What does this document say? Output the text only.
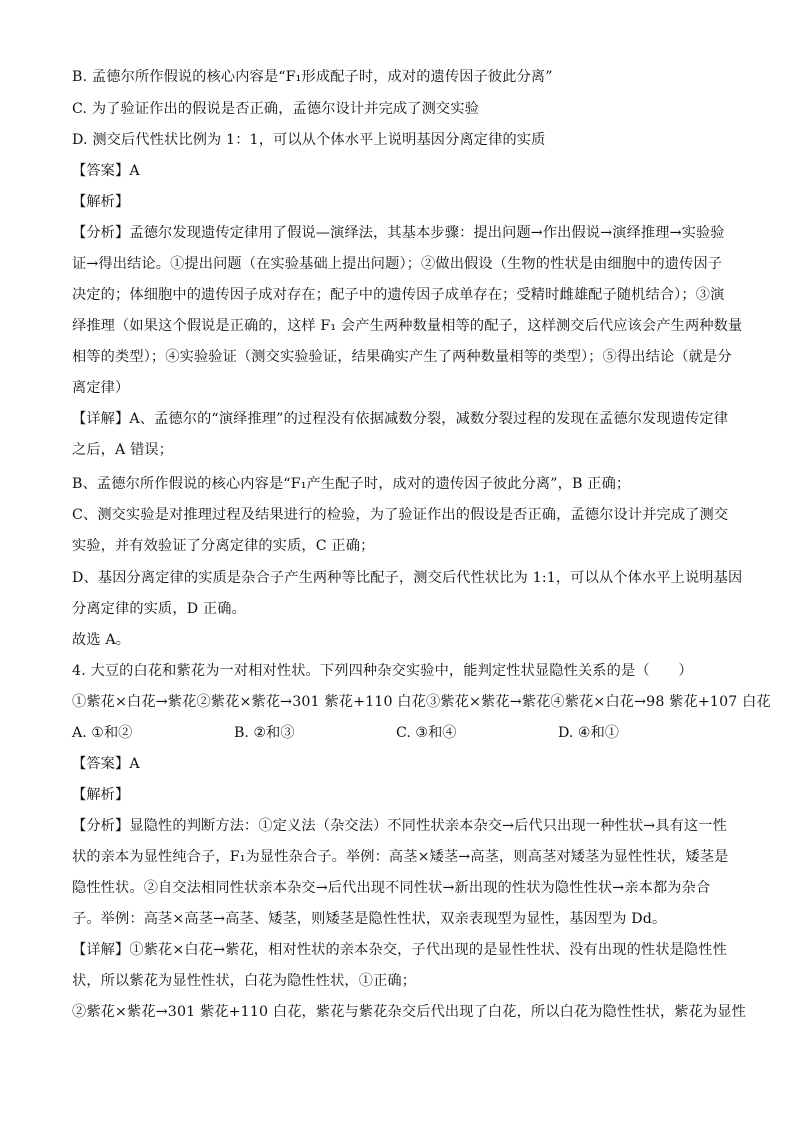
B. 孟德尔所作假说的核心内容是“F₁形成配子时，成对的遗传因子彼此分离”
C. 为了验证作出的假说是否正确，孟德尔设计并完成了测交实验
D. 测交后代性状比例为 1：1，可以从个体水平上说明基因分离定律的实质
【答案】A
【解析】
【分析】孟德尔发现遗传定律用了假说—演绎法，其基本步骤：提出问题→作出假说→演绎推理→实验验
证→得出结论。①提出问题（在实验基础上提出问题）；②做出假设（生物的性状是由细胞中的遗传因子
决定的；体细胞中的遗传因子成对存在；配子中的遗传因子成单存在；受精时雌雄配子随机结合）；③演
绎推理（如果这个假说是正确的，这样 F₁ 会产生两种数量相等的配子，这样测交后代应该会产生两种数量
相等的类型）；④实验验证（测交实验验证，结果确实产生了两种数量相等的类型）；⑤得出结论（就是分
离定律）
【详解】A、孟德尔的“演绎推理”的过程没有依据减数分裂，减数分裂过程的发现在孟德尔发现遗传定律
之后，A 错误；
B、孟德尔所作假说的核心内容是“F₁产生配子时，成对的遗传因子彼此分离”，B 正确；
C、测交实验是对推理过程及结果进行的检验，为了验证作出的假设是否正确，孟德尔设计并完成了测交
实验，并有效验证了分离定律的实质，C 正确；
D、基因分离定律的实质是杂合子产生两种等比配子，测交后代性状比为 1:1，可以从个体水平上说明基因
分离定律的实质，D 正确。
故选 A。
4. 大豆的白花和紫花为一对相对性状。下列四种杂交实验中，能判定性状显隐性关系的是（　　）
①紫花×白花→紫花②紫花×紫花→301 紫花+110 白花③紫花×紫花→紫花④紫花×白花→98 紫花+107 白花
A. ①和②	B. ②和③	C. ③和④	D. ④和①
【答案】A
【解析】
【分析】显隐性的判断方法：①定义法（杂交法）不同性状亲本杂交→后代只出现一种性状→具有这一性
状的亲本为显性纯合子，F₁为显性杂合子。举例：高茎×矮茎→高茎，则高茎对矮茎为显性性状，矮茎是
隐性性状。②自交法相同性状亲本杂交→后代出现不同性状→新出现的性状为隐性性状→亲本都为杂合
子。举例：高茎×高茎→高茎、矮茎，则矮茎是隐性性状，双亲表现型为显性，基因型为 Dd。
【详解】①紫花×白花→紫花，相对性状的亲本杂交，子代出现的是显性性状、没有出现的性状是隐性性
状，所以紫花为显性性状，白花为隐性性状，①正确；
②紫花×紫花→301 紫花+110 白花，紫花与紫花杂交后代出现了白花，所以白花为隐性性状，紫花为显性
